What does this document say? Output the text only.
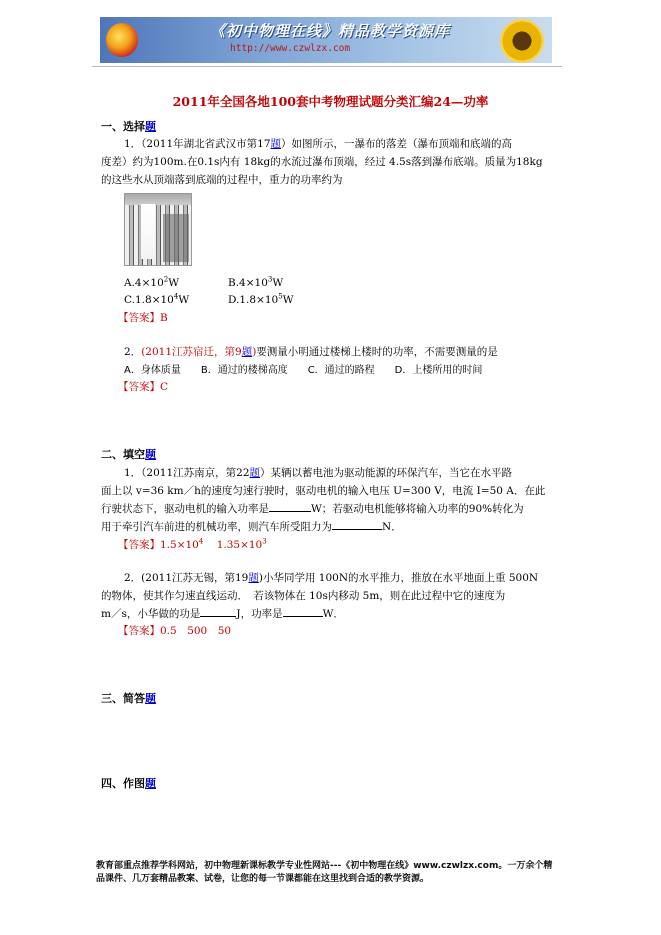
《初中物理在线》精品教学资源库
http://www.czwlzx.com
2011年全国各地100套中考物理试题分类汇编24—功率
一、选择题
1．（2011年湖北省武汉市第17题）如图所示，一瀑布的落差（瀑布顶端和底端的高
度差）约为100m.在0.1s内有 18kg的水流过瀑布顶端，经过 4.5s落到瀑布底端。质量为18kg
的这些水从顶端落到底端的过程中，重力的功率约为
$A.4\times 10^2W$	$B.4\times 10^3W$
$C.1.8\times 10^4W$	$D.1.8\times 10^5W$
【答案】B
2．(2011江苏宿迁，第9题)要测量小明通过楼梯上楼时的功率，不需要测量的是
A．身体质量　　B．通过的楼梯高度　　C．通过的路程　　D．上楼所用的时间
【答案】C
二、填空题
1．（2011江苏南京，第22题）某辆以蓄电池为驱动能源的环保汽车，当它在水平路
面上以 v=36 km／h的速度匀速行驶时，驱动电机的输入电压 U=300 V，电流 I=50 A．在此
行驶状态下，驱动电机的输入功率是	W；若驱动电机能够将输入功率的90%转化为
用于牵引汽车前进的机械功率，则汽车所受阻力为	N．
【答案】$1.5\times 10^4$ $1.35\times 10^3$
2．(2011江苏无锡，第19题)小华同学用 100N的水平推力，推放在水平地面上重 500N
的物体，使其作匀速直线运动．　若该物体在 10s内移动 5m，则在此过程中它的速度为
m／s，小华做的功是	J，功率是	W．
【答案】0.5　500　50
三、简答题
四、作图题
教育部重点推荐学科网站，初中物理新课标教学专业性网站---《初中物理在线》www.czwlzx.com。一万余个精品课件、几万套精品教案、试卷，让您的每一节课都能在这里找到合适的教学资源。
